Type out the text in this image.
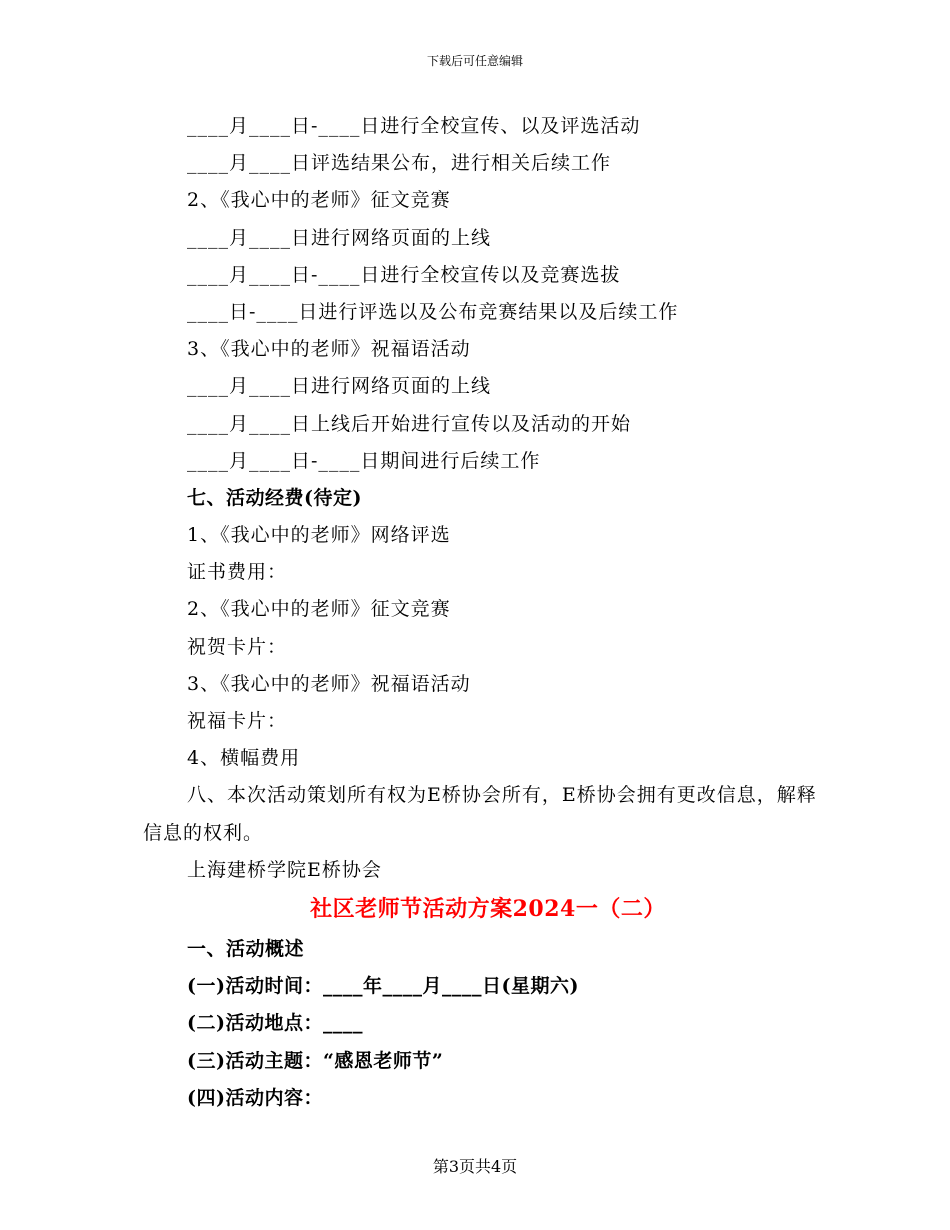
下载后可任意编辑
____月____日-____日进行全校宣传、以及评选活动
____月____日评选结果公布，进行相关后续工作
2、《我心中的老师》征文竞赛
____月____日进行网络页面的上线
____月____日-____日进行全校宣传以及竞赛选拔
____日-____日进行评选以及公布竞赛结果以及后续工作
3、《我心中的老师》祝福语活动
____月____日进行网络页面的上线
____月____日上线后开始进行宣传以及活动的开始
____月____日-____日期间进行后续工作
七、活动经费(待定)
1、《我心中的老师》网络评选
证书费用：
2、《我心中的老师》征文竞赛
祝贺卡片：
3、《我心中的老师》祝福语活动
祝福卡片：
4、横幅费用
八、本次活动策划所有权为E桥协会所有，E桥协会拥有更改信息，解释信息的权利。
上海建桥学院E桥协会
社区老师节活动方案2024一（二）
一、活动概述
(一)活动时间：____年____月____日(星期六)
(二)活动地点：____
(三)活动主题：“感恩老师节”
(四)活动内容：
第3页共4页
